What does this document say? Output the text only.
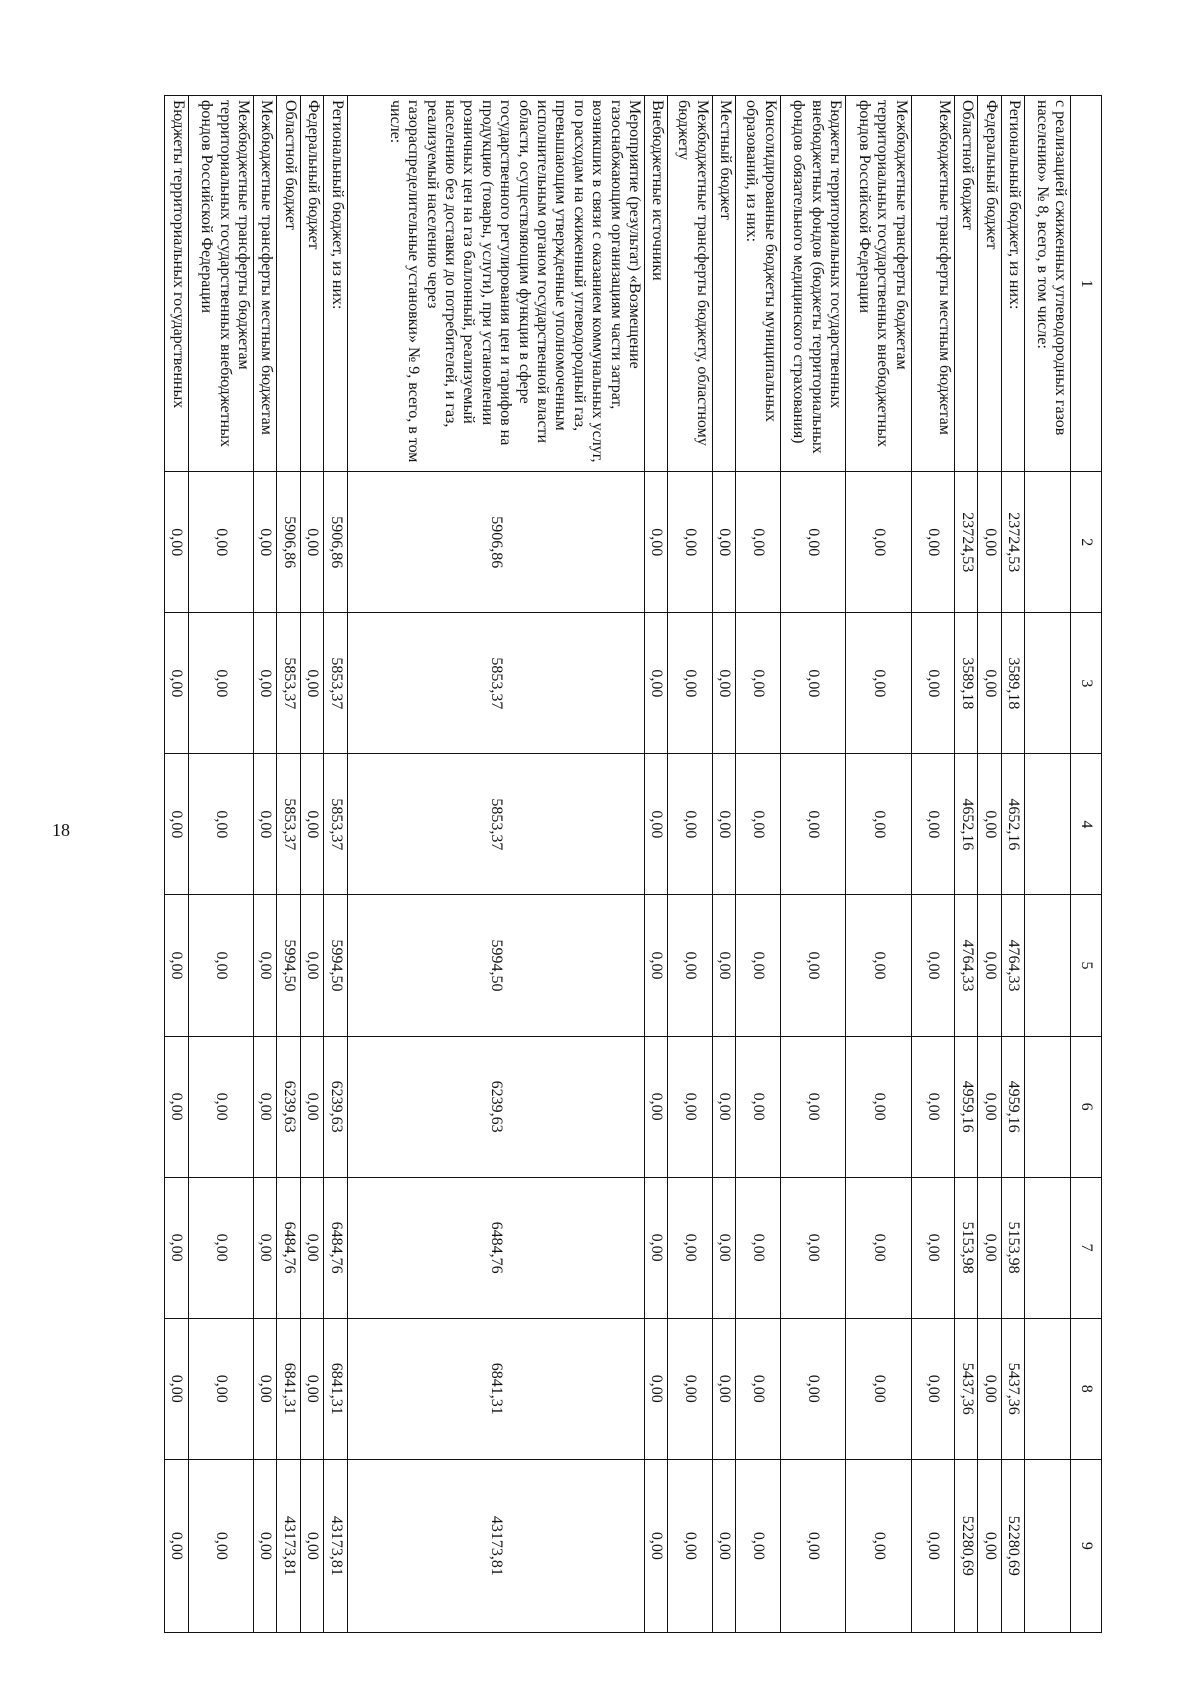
18
1	2	3	4	5	6	7	8	9
с реализацией сжиженных углеводородных газов населению» № 8, всего, в том числе:								
Региональный бюджет, из них:	23724,53	3589,18	4652,16	4764,33	4959,16	5153,98	5437,36	52280,69
Федеральный бюджет	0,00	0,00	0,00	0,00	0,00	0,00	0,00	0,00
Областной бюджет	23724,53	3589,18	4652,16	4764,33	4959,16	5153,98	5437,36	52280,69
Межбюджетные трансферты местным бюджетам	0,00	0,00	0,00	0,00	0,00	0,00	0,00	0,00
Межбюджетные трансферты бюджетам территориальных государственных внебюджетных фондов Российской Федерации	0,00	0,00	0,00	0,00	0,00	0,00	0,00	0,00
Бюджеты территориальных государственных внебюджетных фондов (бюджеты территориальных фондов обязательного медицинского страхования)	0,00	0,00	0,00	0,00	0,00	0,00	0,00	0,00
Консолидированные бюджеты муниципальных образований, из них:	0,00	0,00	0,00	0,00	0,00	0,00	0,00	0,00
Местный бюджет	0,00	0,00	0,00	0,00	0,00	0,00	0,00	0,00
Межбюджетные трансферты бюджету, областному бюджету	0,00	0,00	0,00	0,00	0,00	0,00	0,00	0,00
Внебюджетные источники	0,00	0,00	0,00	0,00	0,00	0,00	0,00	0,00
Мероприятие (результат) «Возмещение газоснабжающим организациям части затрат, возникших в связи с оказанием коммунальных услуг, по расходам на сжиженный углеводородный газ, превышающим утвержденные уполномоченным исполнительным органом государственной власти области, осуществляющим функции в сфере государственного регулирования цен и тарифов на продукцию (товары, услуги), при установлении розничных цен на газ баллонный, реализуемый населению без доставки до потребителей, и газ, реализуемый населению через газораспределительные установки» № 9, всего, в том числе:	5906,86	5853,37	5853,37	5994,50	6239,63	6484,76	6841,31	43173,81
Региональный бюджет, из них:	5906,86	5853,37	5853,37	5994,50	6239,63	6484,76	6841,31	43173,81
Федеральный бюджет	0,00	0,00	0,00	0,00	0,00	0,00	0,00	0,00
Областной бюджет	5906,86	5853,37	5853,37	5994,50	6239,63	6484,76	6841,31	43173,81
Межбюджетные трансферты местным бюджетам	0,00	0,00	0,00	0,00	0,00	0,00	0,00	0,00
Межбюджетные трансферты бюджетам территориальных государственных внебюджетных фондов Российской Федерации	0,00	0,00	0,00	0,00	0,00	0,00	0,00	0,00
Бюджеты территориальных государственных	0,00	0,00	0,00	0,00	0,00	0,00	0,00	0,00
